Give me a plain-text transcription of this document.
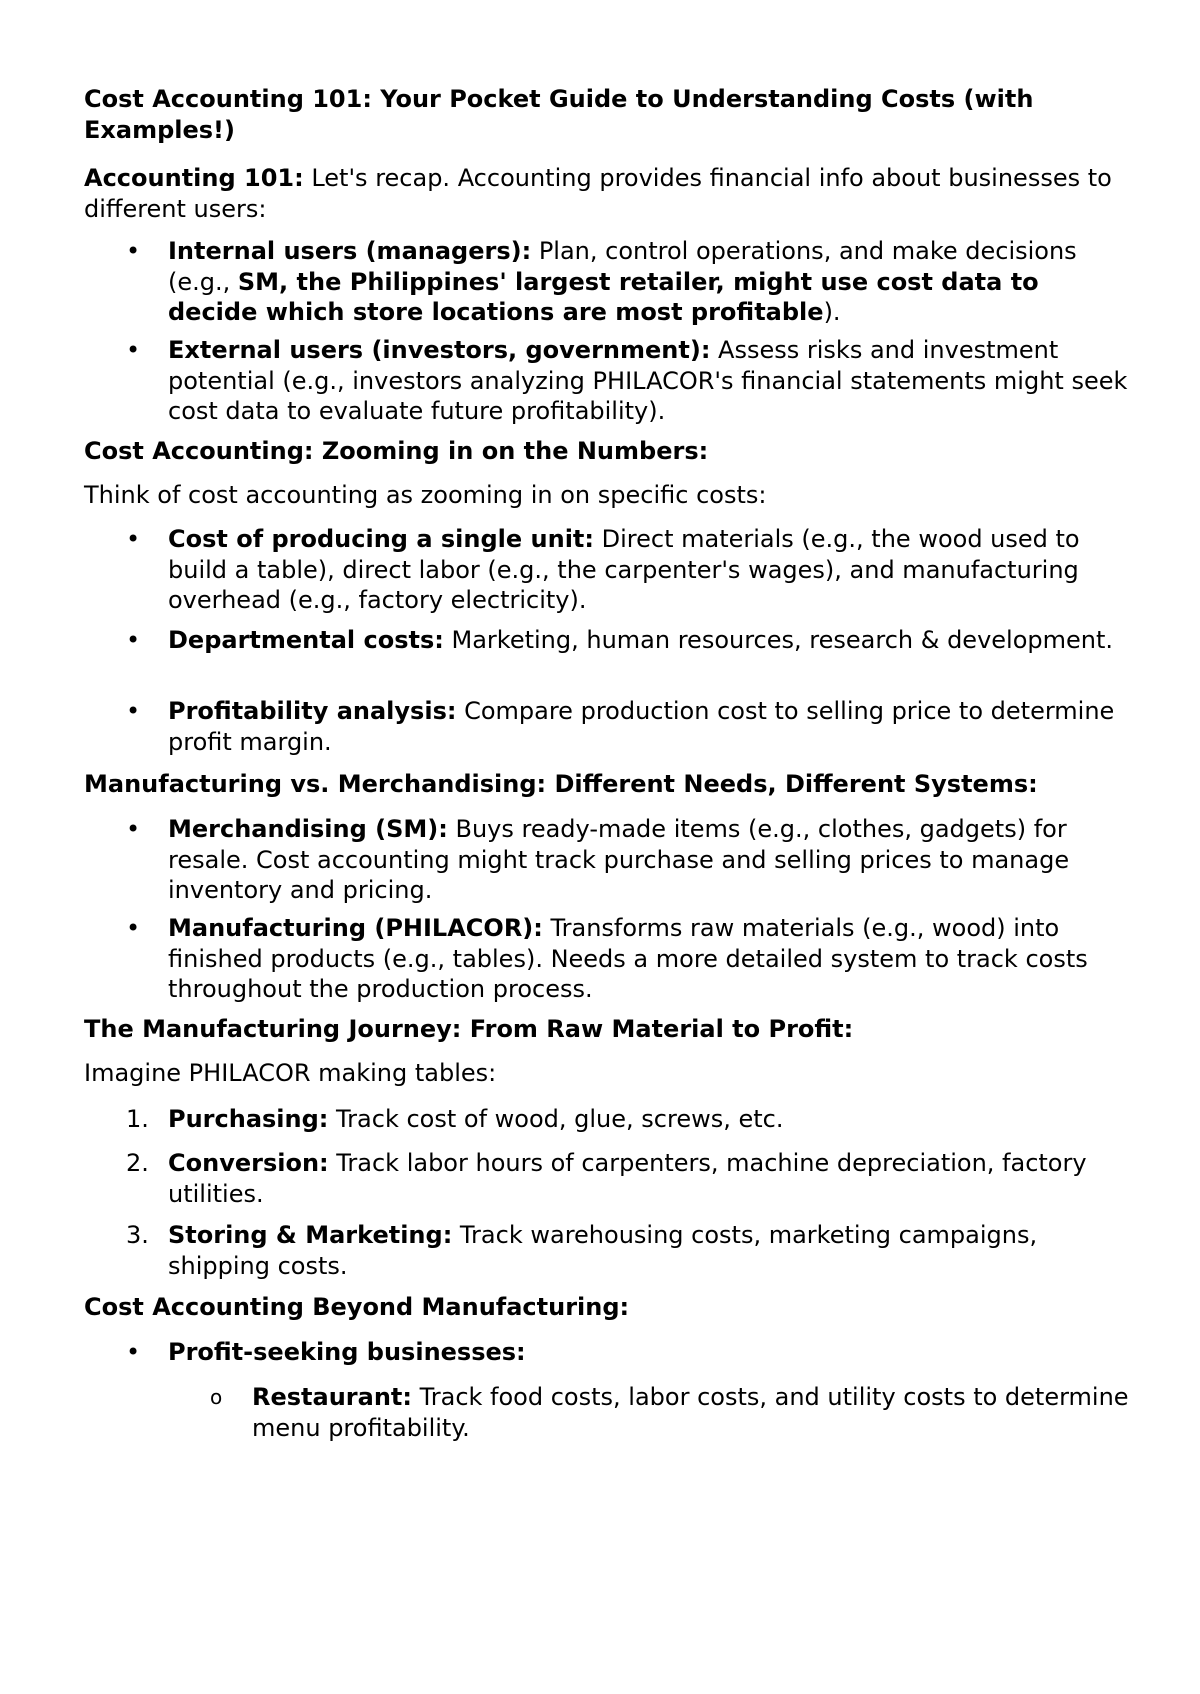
Cost Accounting 101: Your Pocket Guide to Understanding Costs (with Examples!)

Accounting 101: Let's recap. Accounting provides financial info about businesses to different users:

• Internal users (managers): Plan, control operations, and make decisions (e.g., SM, the Philippines' largest retailer, might use cost data to decide which store locations are most profitable).

• External users (investors, government): Assess risks and investment potential (e.g., investors analyzing PHILACOR's financial statements might seek cost data to evaluate future profitability).

Cost Accounting: Zooming in on the Numbers:

Think of cost accounting as zooming in on specific costs:

• Cost of producing a single unit: Direct materials (e.g., the wood used to build a table), direct labor (e.g., the carpenter's wages), and manufacturing overhead (e.g., factory electricity).

• Departmental costs: Marketing, human resources, research & development.

• Profitability analysis: Compare production cost to selling price to determine profit margin.

Manufacturing vs. Merchandising: Different Needs, Different Systems:

• Merchandising (SM): Buys ready-made items (e.g., clothes, gadgets) for resale. Cost accounting might track purchase and selling prices to manage inventory and pricing.

• Manufacturing (PHILACOR): Transforms raw materials (e.g., wood) into finished products (e.g., tables). Needs a more detailed system to track costs throughout the production process.

The Manufacturing Journey: From Raw Material to Profit:

Imagine PHILACOR making tables:

1. Purchasing: Track cost of wood, glue, screws, etc.

2. Conversion: Track labor hours of carpenters, machine depreciation, factory utilities.

3. Storing & Marketing: Track warehousing costs, marketing campaigns, shipping costs.

Cost Accounting Beyond Manufacturing:

• Profit-seeking businesses:

o Restaurant: Track food costs, labor costs, and utility costs to determine menu profitability.
